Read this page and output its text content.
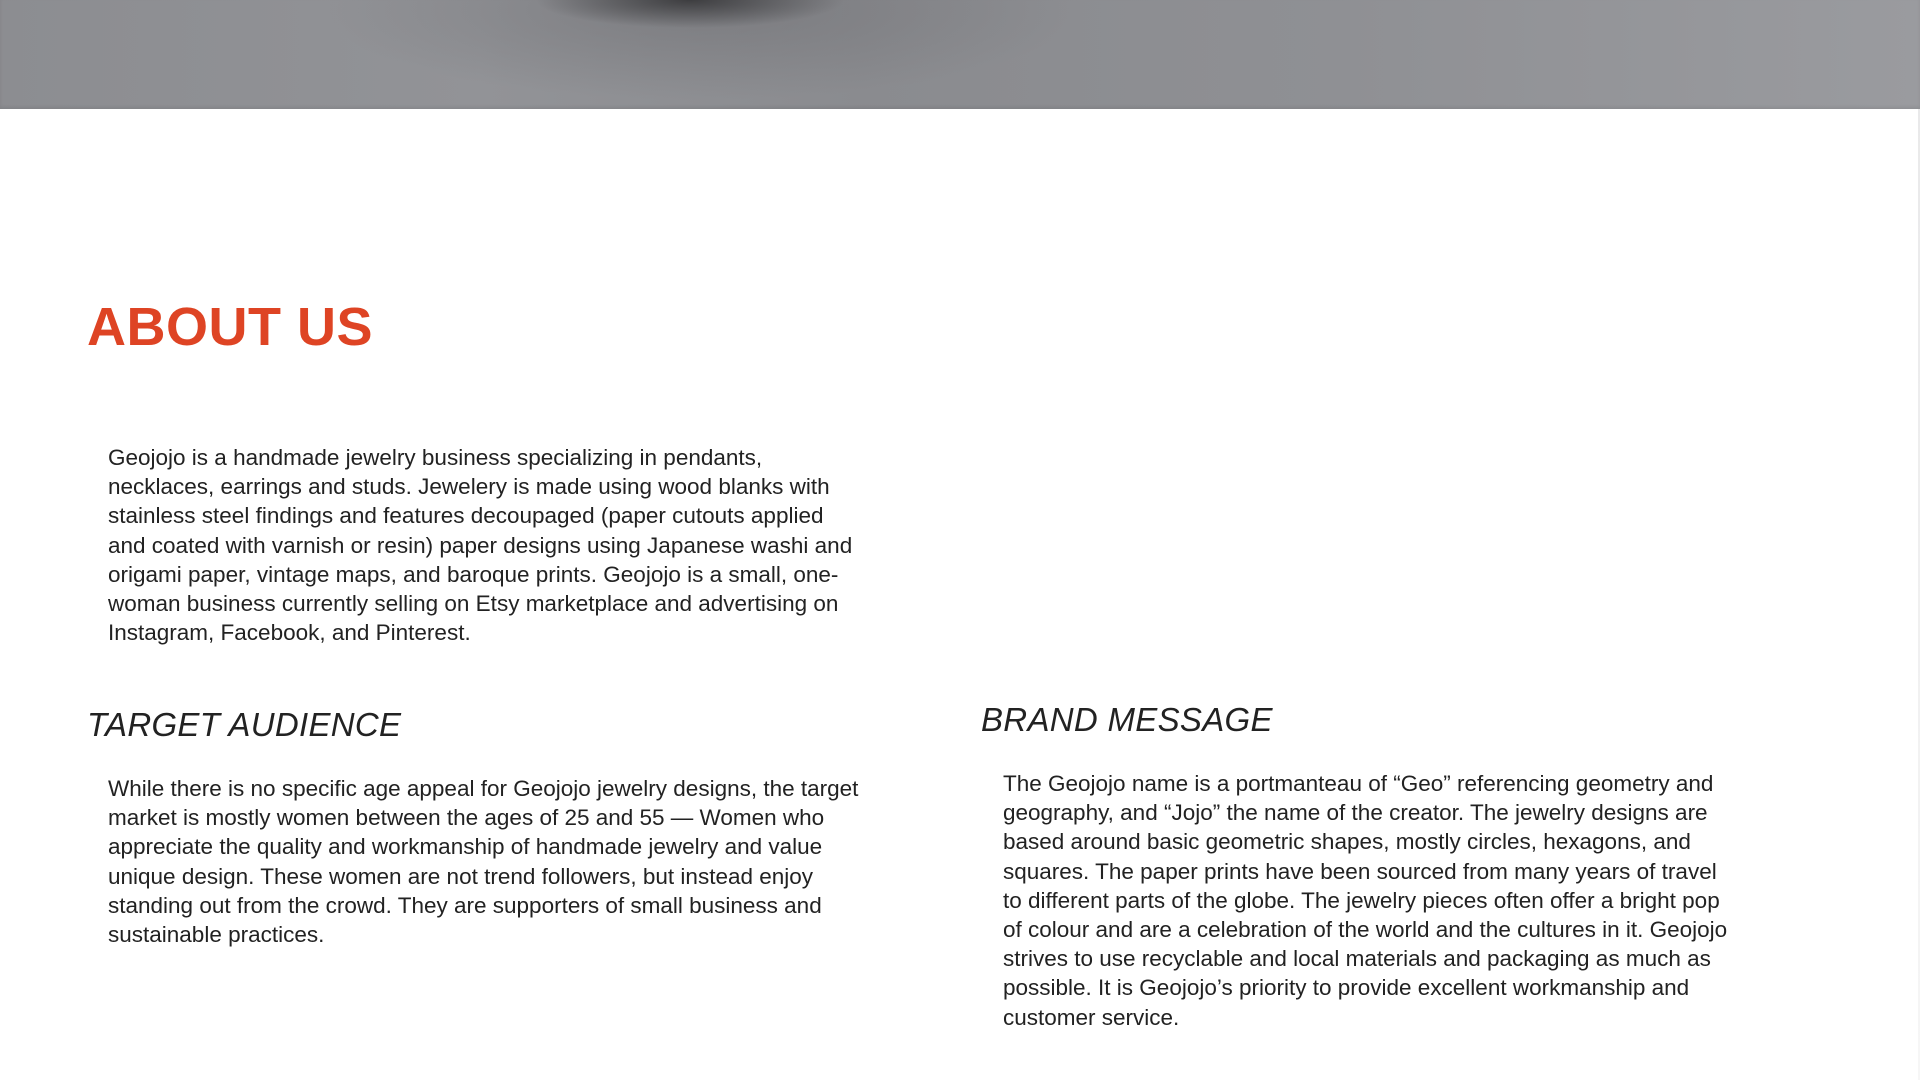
ABOUT US
Geojojo is a handmade jewelry business specializing in pendants,
necklaces, earrings and studs. Jewelery is made using wood blanks with
stainless steel findings and features decoupaged (paper cutouts applied
and coated with varnish or resin) paper designs using Japanese washi and
origami paper, vintage maps, and baroque prints. Geojojo is a small, one-
woman business currently selling on Etsy marketplace and advertising on
Instagram, Facebook, and Pinterest.
TARGET AUDIENCE
While there is no specific age appeal for Geojojo jewelry designs, the target
market is mostly women between the ages of 25 and 55 — Women who
appreciate the quality and workmanship of handmade jewelry and value
unique design. These women are not trend followers, but instead enjoy
standing out from the crowd. They are supporters of small business and
sustainable practices.
BRAND MESSAGE
The Geojojo name is a portmanteau of “Geo” referencing geometry and
geography, and “Jojo” the name of the creator. The jewelry designs are
based around basic geometric shapes, mostly circles, hexagons, and
squares. The paper prints have been sourced from many years of travel
to different parts of the globe. The jewelry pieces often offer a bright pop
of colour and are a celebration of the world and the cultures in it. Geojojo
strives to use recyclable and local materials and packaging as much as
possible. It is Geojojo’s priority to provide excellent workmanship and
customer service.
